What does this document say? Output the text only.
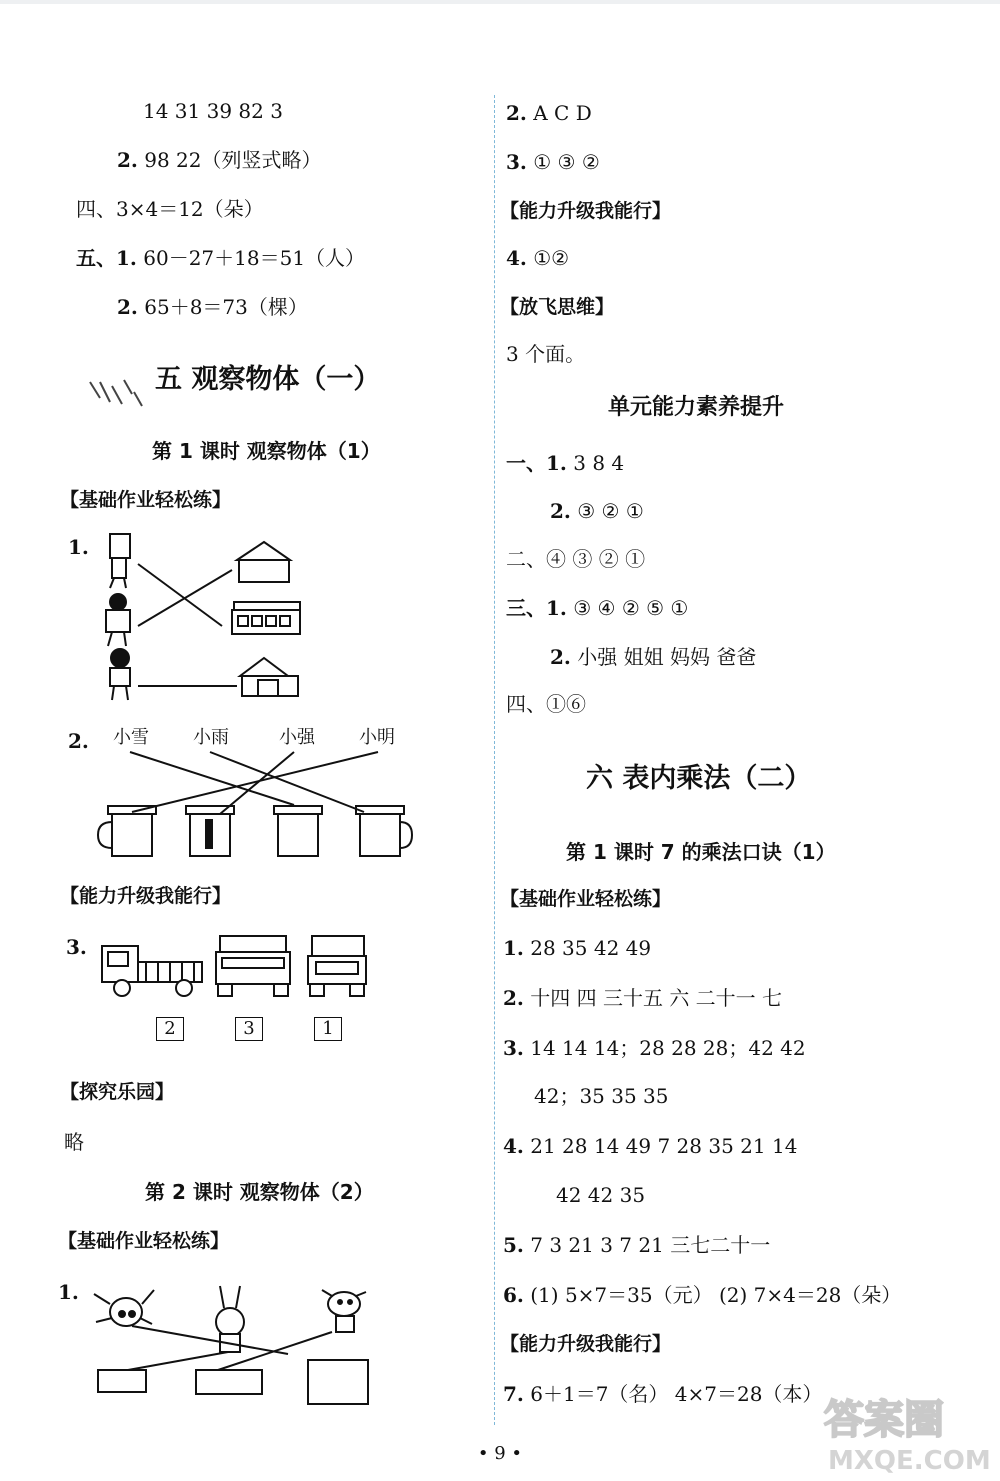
14 31 39 82 3
2. 98 22（列竖式略）
四、3×4＝12（朵）
五、1. 60－27＋18＝51（人）
2. 65＋8＝73（棵）
五 观察物体（一）
第 1 课时 观察物体（1）
【基础作业轻松练】
1.
2. 小雪 小雨	小强 小明
【能力升级我能行】
3.
2	3	1
【探究乐园】
略
第 2 课时 观察物体（2）
【基础作业轻松练】
1.
2. A C D
3. ① ③ ②
【能力升级我能行】
4. ①②
【放飞思维】
3 个面。
单元能力素养提升
一、1. 3 8 4
2. ③ ② ①
二、④ ③ ② ①
三、1. ③ ④ ② ⑤ ①
2. 小强 姐姐 妈妈 爸爸
四、①⑥
六 表内乘法（二）
第 1 课时 7 的乘法口诀（1）
【基础作业轻松练】
1. 28 35 42 49
2. 十四 四 三十五 六 二十一 七
3. 14 14 14；28 28 28；42 42
42；35 35 35
4. 21 28 14 49 7 28 35 21 14
42 42 35
5. 7 3 21 3 7 21 三七二十一
6. (1) 5×7＝35（元） (2) 7×4＝28（朵）
【能力升级我能行】
7. 6＋1＝7（名） 4×7＝28（本）
• 9 •
答案圈
MXQE.COM
